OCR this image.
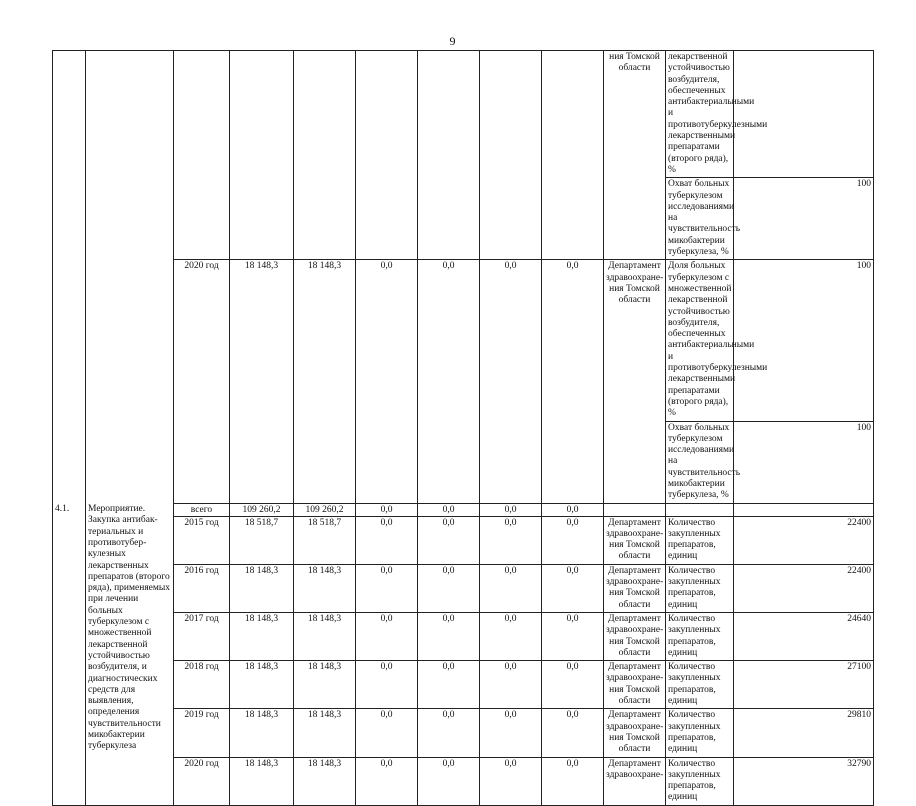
9
									ния Томской области	лекарственной устойчивостью возбудителя, обеспеченных антибактериальными и противотуберкулезными лекарственными препаратами (второго ряда), %	
										Охват больных туберкулезом исследованиями на чувствительность микобактерии туберкулеза, %	100
		2020 год	18 148,3	18 148,3	0,0	0,0	0,0	0,0	Департамент здравоохране-ния Томской области	Доля больных туберкулезом с множественной лекарственной устойчивостью возбудителя, обеспеченных антибактериальными и противотуберкулезными лекарственными препаратами (второго ряда), %	100
										Охват больных туберкулезом исследованиями на чувствительность микобактерии туберкулеза, %	100
4.1.	Мероприятие. Закупка антибак-териальных и противотубер-кулезных лекарственных препаратов (второго ряда), применяемых при лечении больных туберкулезом с множественной лекарственной устойчивостью возбудителя, и диагностических средств для выявления, определения чувствительности микобактерии туберкулеза	всего	109 260,2	109 260,2	0,0	0,0	0,0	0,0			
		2015 год	18 518,7	18 518,7	0,0	0,0	0,0	0,0	Департамент здравоохране-ния Томской области	Количество закупленных препаратов, единиц	22400
		2016 год	18 148,3	18 148,3	0,0	0,0	0,0	0,0	Департамент здравоохране-ния Томской области	Количество закупленных препаратов, единиц	22400
		2017 год	18 148,3	18 148,3	0,0	0,0	0,0	0,0	Департамент здравоохране-ния Томской области	Количество закупленных препаратов, единиц	24640
		2018 год	18 148,3	18 148,3	0,0	0,0	0,0	0,0	Департамент здравоохране-ния Томской области	Количество закупленных препаратов, единиц	27100
		2019 год	18 148,3	18 148,3	0,0	0,0	0,0	0,0	Департамент здравоохране-ния Томской области	Количество закупленных препаратов, единиц	29810
		2020 год	18 148,3	18 148,3	0,0	0,0	0,0	0,0	Департамент здравоохране-	Количество закупленных препаратов, единиц	32790
